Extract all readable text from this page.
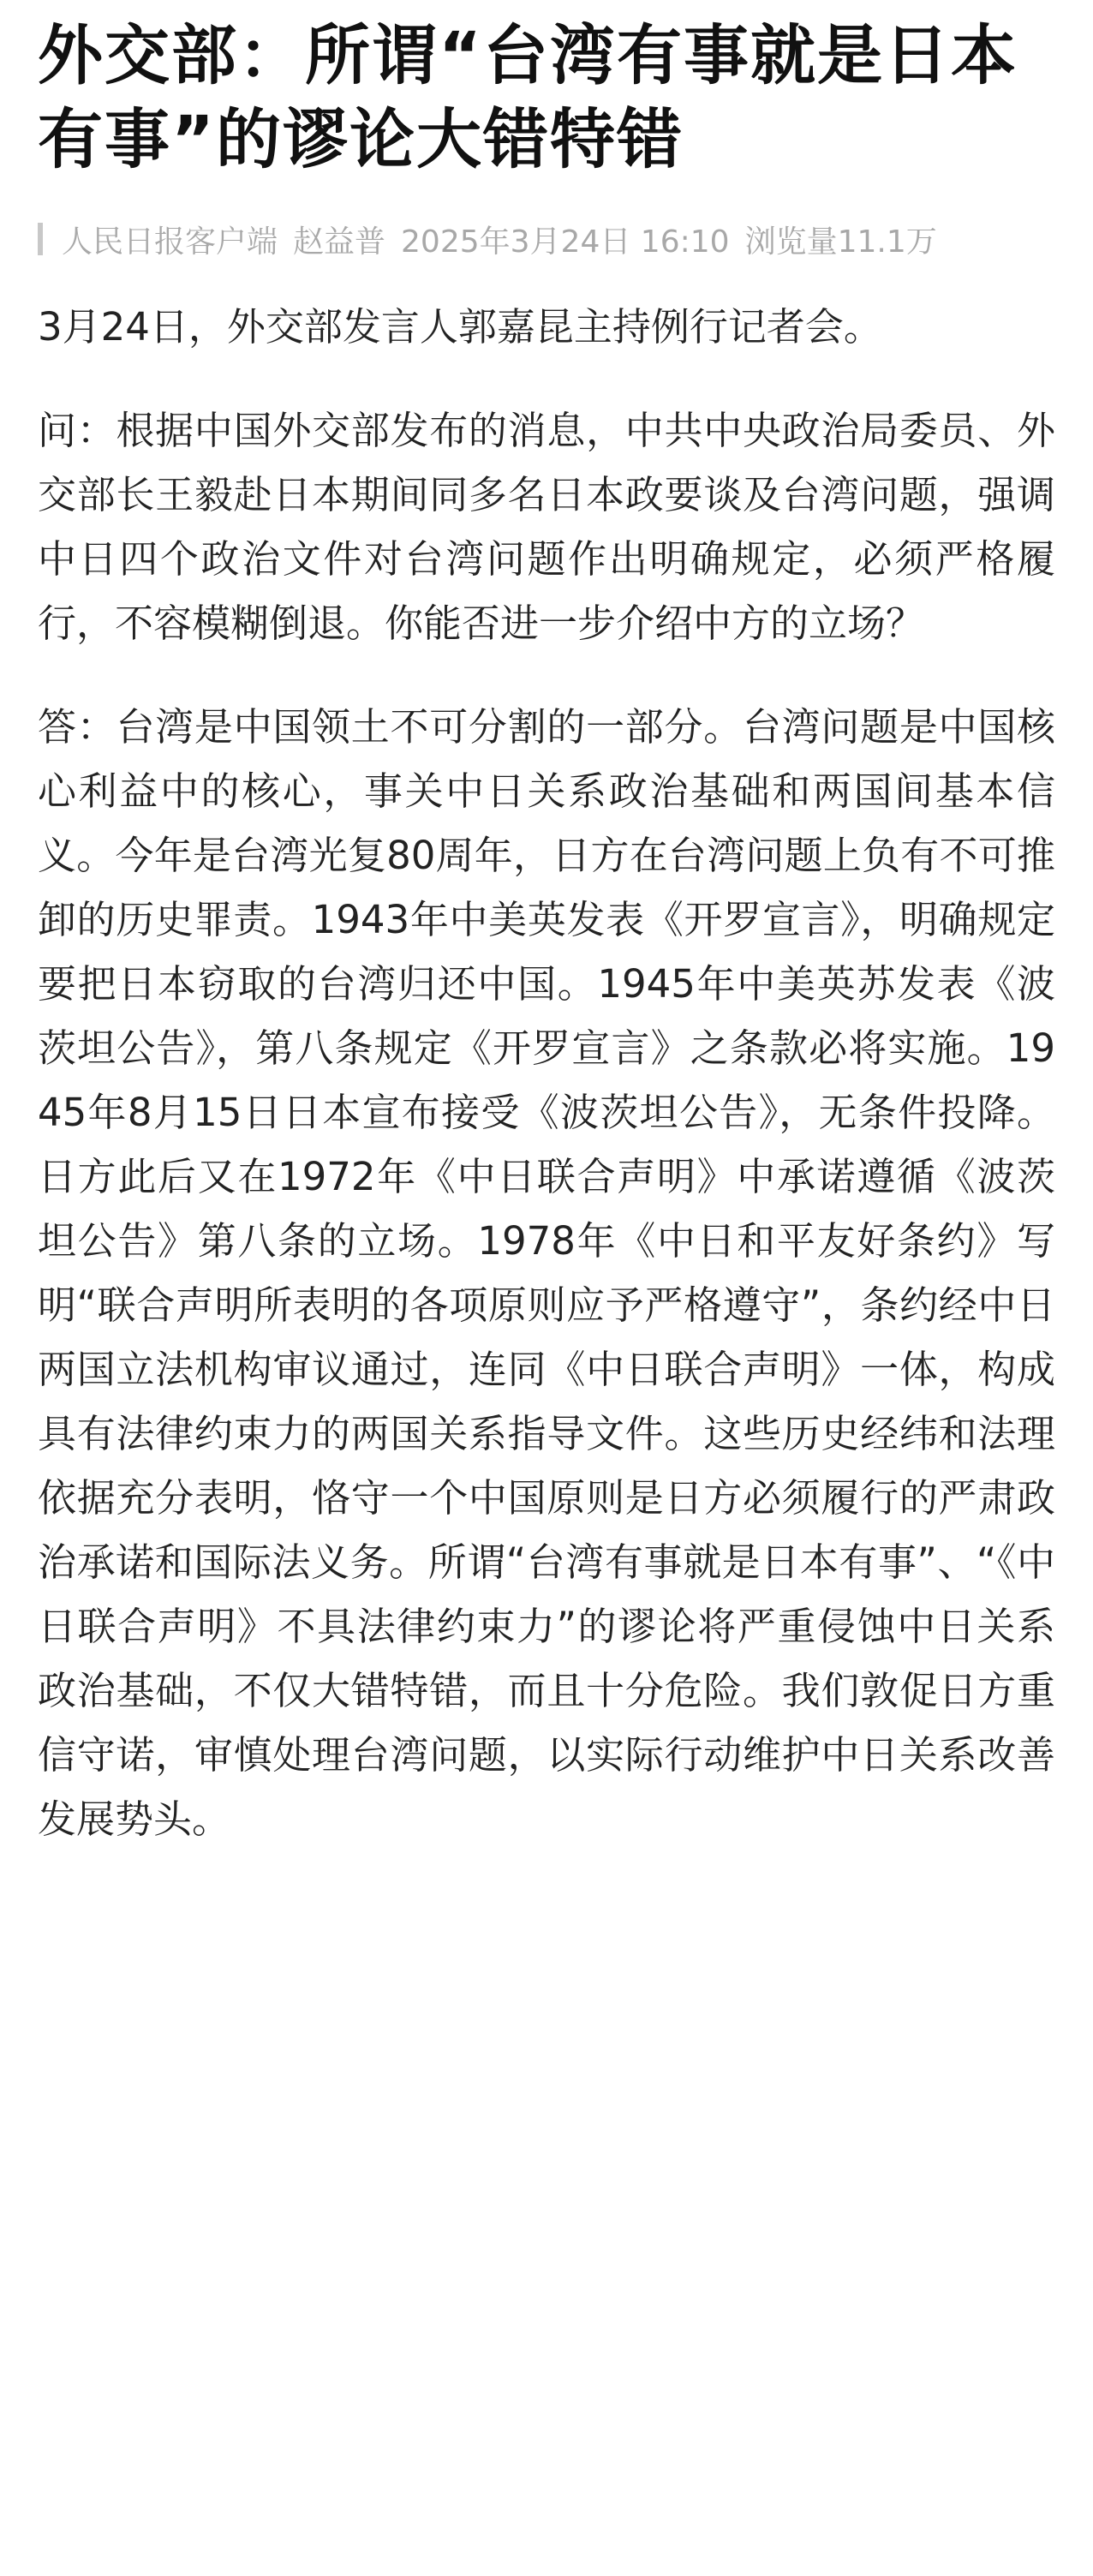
外交部：所谓“台湾有事就是日本有事”的谬论大错特错
人民日报客户端 赵益普 2025年3月24日 16:10 浏览量11.1万

3月24日，外交部发言人郭嘉昆主持例行记者会。

问：根据中国外交部发布的消息，中共中央政治局委员、外交部长王毅赴日本期间同多名日本政要谈及台湾问题，强调中日四个政治文件对台湾问题作出明确规定，必须严格履行，不容模糊倒退。你能否进一步介绍中方的立场？

答：台湾是中国领土不可分割的一部分。台湾问题是中国核心利益中的核心，事关中日关系政治基础和两国间基本信义。今年是台湾光复80周年，日方在台湾问题上负有不可推卸的历史罪责。1943年中美英发表《开罗宣言》，明确规定要把日本窃取的台湾归还中国。1945年中美英苏发表《波茨坦公告》，第八条规定《开罗宣言》之条款必将实施。1945年8月15日日本宣布接受《波茨坦公告》，无条件投降。日方此后又在1972年《中日联合声明》中承诺遵循《波茨坦公告》第八条的立场。1978年《中日和平友好条约》写明“联合声明所表明的各项原则应予严格遵守”，条约经中日两国立法机构审议通过，连同《中日联合声明》一体，构成具有法律约束力的两国关系指导文件。这些历史经纬和法理依据充分表明，恪守一个中国原则是日方必须履行的严肃政治承诺和国际法义务。所谓“台湾有事就是日本有事”、“《中日联合声明》不具法律约束力”的谬论将严重侵蚀中日关系政治基础，不仅大错特错，而且十分危险。我们敦促日方重信守诺，审慎处理台湾问题，以实际行动维护中日关系改善发展势头。
